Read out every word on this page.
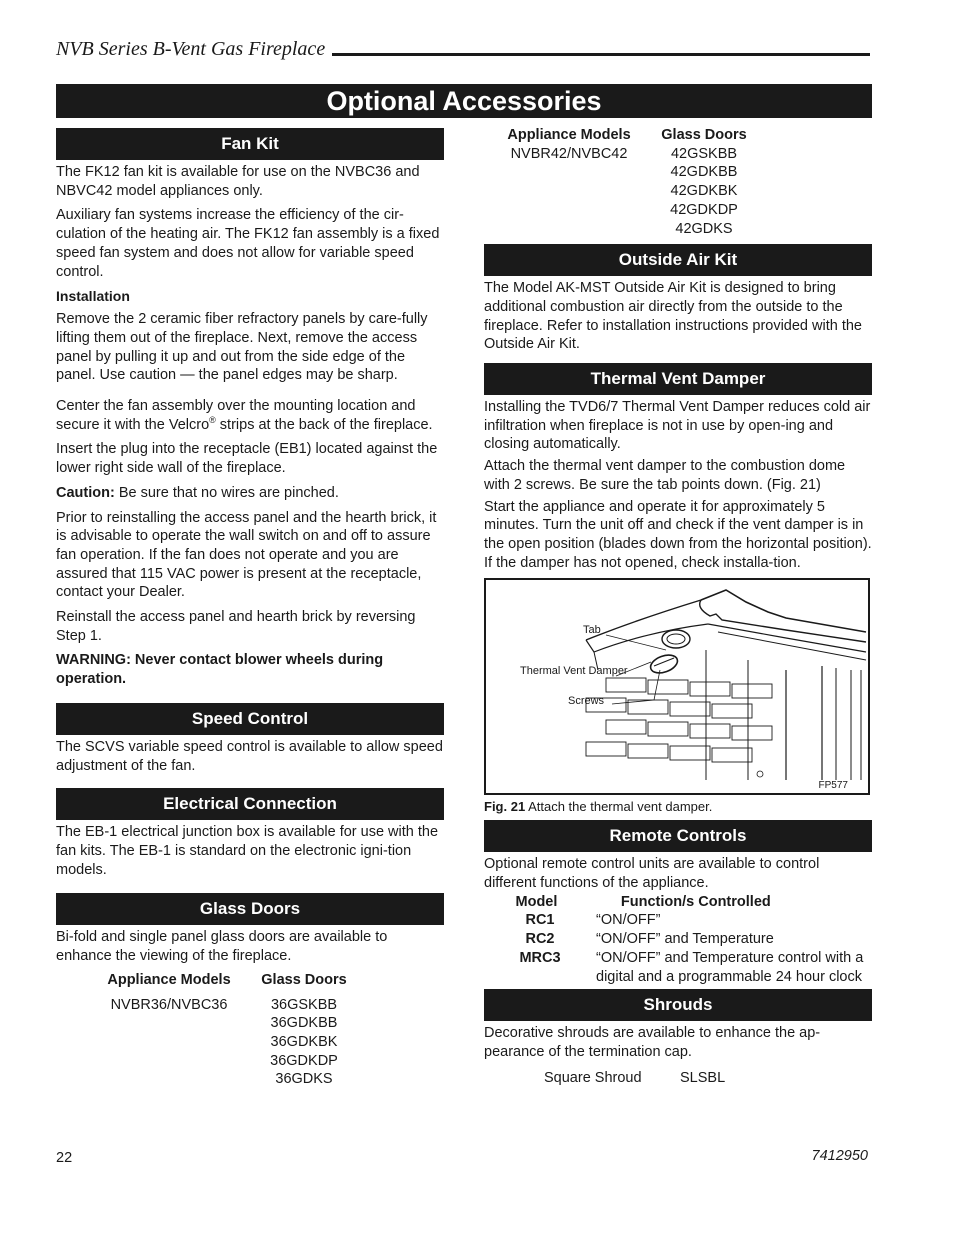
NVB Series B-Vent Gas Fireplace
Optional Accessories
Fan Kit

The FK12 fan kit is available for use on the NVBC36 and NBVC42 model appliances only.

Auxiliary fan systems increase the efficiency of the cir-culation of the heating air. The FK12 fan assembly is a fixed speed fan system and does not allow for variable speed control.

Installation

Remove the 2 ceramic fiber refractory panels by care-fully lifting them out of the fireplace. Next, remove the access panel by pulling it up and out from the side edge of the panel. Use caution — the panel edges may be sharp.

Center the fan assembly over the mounting location and secure it with the Velcro® strips at the back of the fireplace.

Insert the plug into the receptacle (EB1) located against the lower right side wall of the fireplace.

Caution: Be sure that no wires are pinched.

Prior to reinstalling the access panel and the hearth brick, it is advisable to operate the wall switch on and off to assure fan operation. If the fan does not operate and you are assured that 115 VAC power is present at the receptacle, contact your Dealer.

Reinstall the access panel and hearth brick by reversing Step 1.

WARNING: Never contact blower wheels during operation.

Speed Control

The SCVS variable speed control is available to allow speed adjustment of the fan.

Electrical Connection

The EB-1 electrical junction box is available for use with the fan kits. The EB-1 is standard on the electronic igni-tion models.

Glass Doors

Bi-fold and single panel glass doors are available to enhance the viewing of the fireplace.

Appliance Models	Glass Doors
NVBR36/NVBC36	36GSKBB
36GDKBB
36GDKBK
36GDKDP
36GDKS
Appliance Models	Glass Doors
NVBR42/NVBC42	42GSKBB
42GDKBB
42GDKBK
42GDKDP
42GDKS
Outside Air Kit

The Model AK-MST Outside Air Kit is designed to bring additional combustion air directly from the outside to the fireplace. Refer to installation instructions provided with the Outside Air Kit.

Thermal Vent Damper

Installing the TVD6/7 Thermal Vent Damper reduces cold air infiltration when fireplace is not in use by open-ing and closing automatically.

Attach the thermal vent damper to the combustion dome with 2 screws. Be sure the tab points down. (Fig. 21)

Start the appliance and operate it for approximately 5 minutes. Turn the unit off and check if the vent damper is in the open position (blades down from the horizontal position). If the damper has not opened, check installa-tion.

Tab
Thermal Vent Damper
Screws
FP577
Fig. 21 Attach the thermal vent damper.
Remote Controls

Optional remote control units are available to control different functions of the appliance.

Model	Function/s Controlled
RC1	“ON/OFF”
RC2	“ON/OFF” and Temperature
MRC3	“ON/OFF” and Temperature control with a digital and a programmable 24 hour clock
Shrouds

Decorative shrouds are available to enhance the ap-pearance of the termination cap.

Square Shroud	SLSBL
22	7412950
